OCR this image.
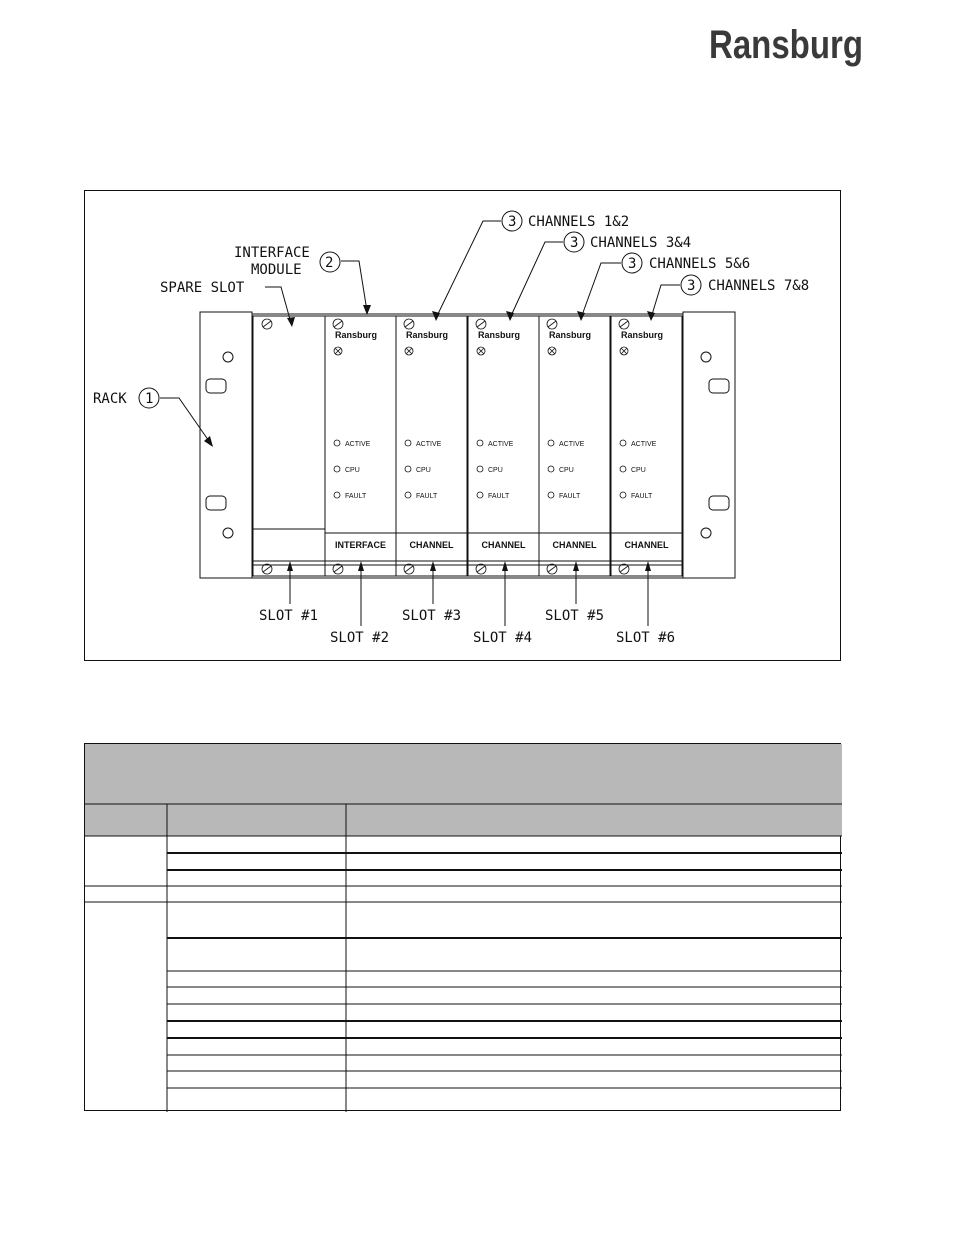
Ransburg
Ransburg
ACTIVE
CPU
FAULT
INTERFACE
Ransburg
ACTIVE
CPU
FAULT
CHANNEL
Ransburg
ACTIVE
CPU
FAULT
CHANNEL
Ransburg
ACTIVE
CPU
FAULT
CHANNEL
Ransburg
ACTIVE
CPU
FAULT
CHANNEL
3 CHANNELS 1&2
3 CHANNELS 3&4
3 CHANNELS 5&6
3 CHANNELS 7&8
INTERFACE
MODULE 2
SPARE SLOT
RACK 1
SLOT #1
SLOT #2
SLOT #3
SLOT #4
SLOT #5
SLOT #6
